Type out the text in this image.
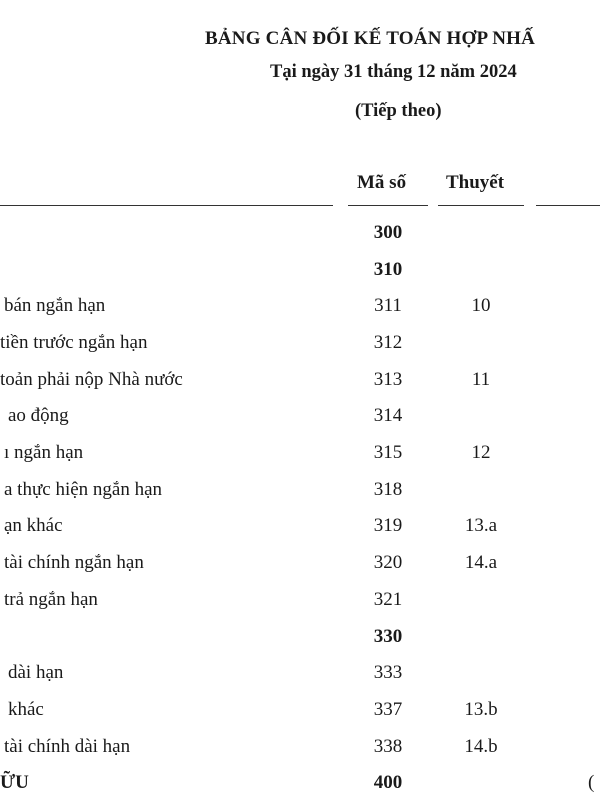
BẢNG CÂN ĐỐI KẾ TOÁN HỢP NHẤ
Tại ngày 31 tháng 12 năm 2024
(Tiếp theo)
Mã số Thuyết
300
310
bán ngắn hạn	311	10
tiền trước ngắn hạn	312
toản phải nộp Nhà nước	313	11
ao động	314
ı ngắn hạn	315	12
a thực hiện ngắn hạn	318
ạn khác	319	13.a
tài chính ngắn hạn	320	14.a
trả ngắn hạn	321
330
dài hạn	333
khác	337	13.b
tài chính dài hạn	338	14.b
ỮU	400	(
